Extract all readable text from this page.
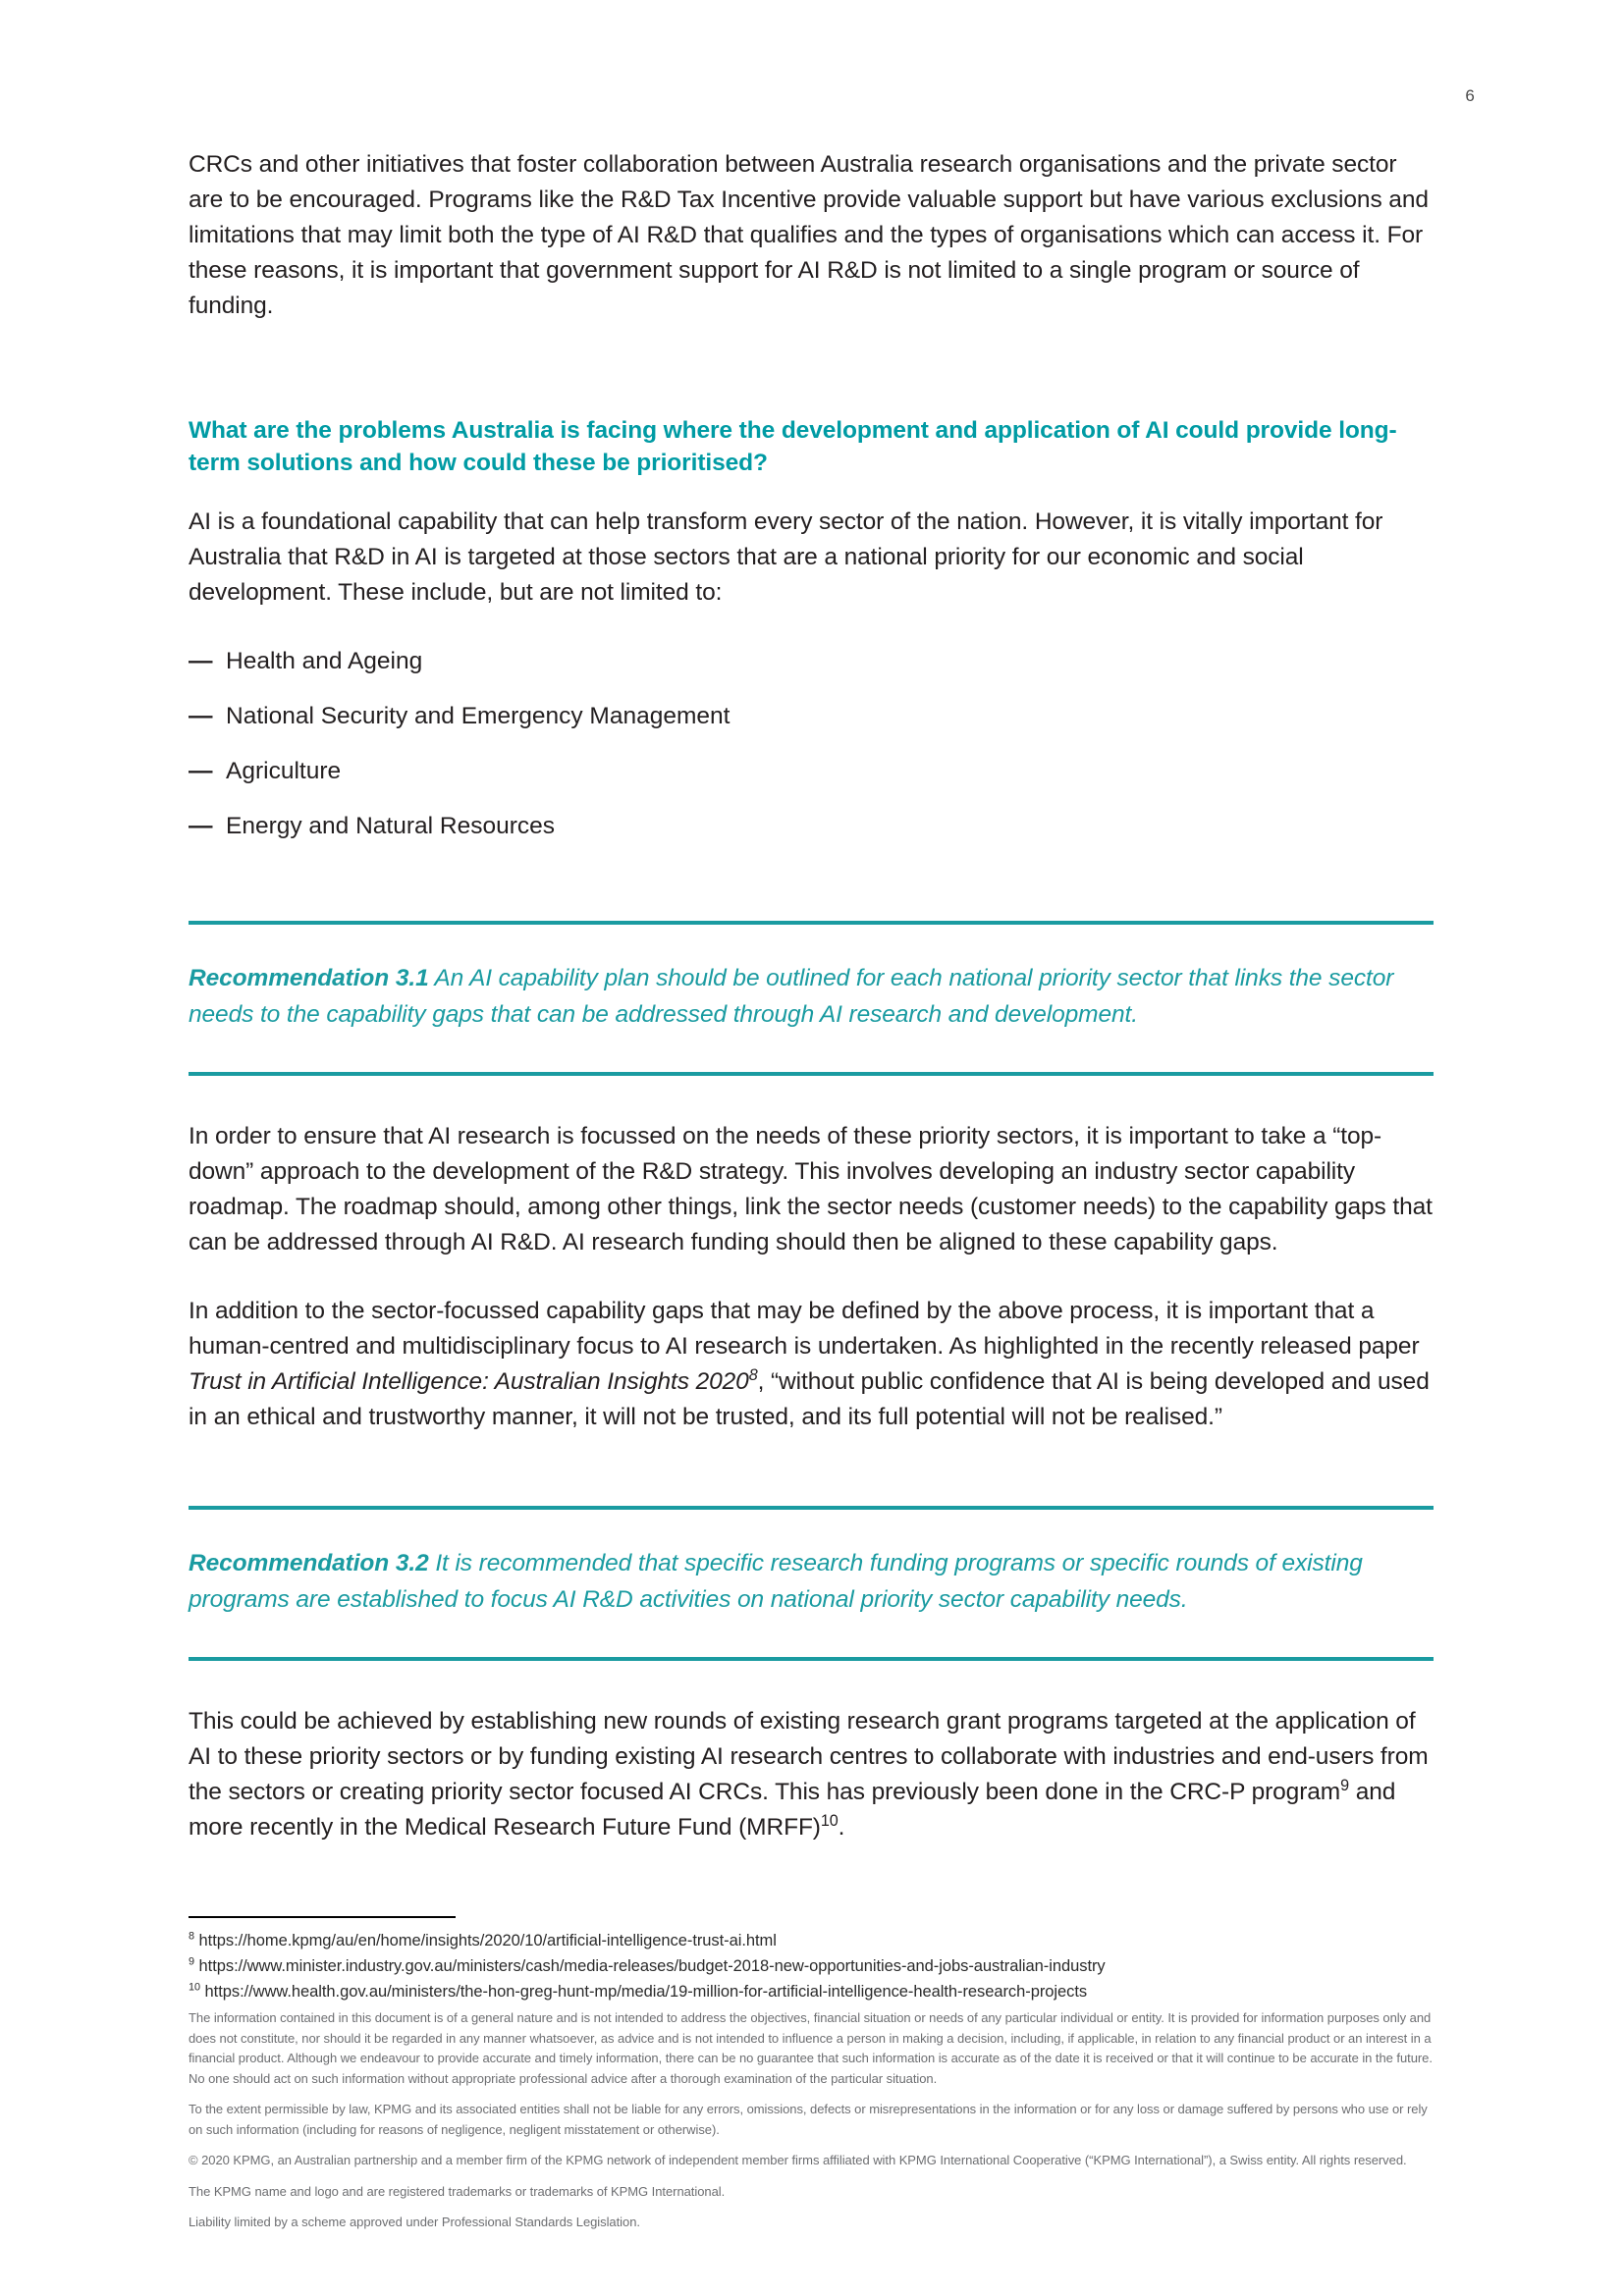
6

CRCs and other initiatives that foster collaboration between Australia research organisations and the private sector are to be encouraged. Programs like the R&D Tax Incentive provide valuable support but have various exclusions and limitations that may limit both the type of AI R&D that qualifies and the types of organisations which can access it. For these reasons, it is important that government support for AI R&D is not limited to a single program or source of funding.

What are the problems Australia is facing where the development and application of AI could provide long-term solutions and how could these be prioritised?

AI is a foundational capability that can help transform every sector of the nation. However, it is vitally important for Australia that R&D in AI is targeted at those sectors that are a national priority for our economic and social development. These include, but are not limited to:

— Health and Ageing
— National Security and Emergency Management
— Agriculture
— Energy and Natural Resources
Recommendation 3.1 An AI capability plan should be outlined for each national priority sector that links the sector needs to the capability gaps that can be addressed through AI research and development.

In order to ensure that AI research is focussed on the needs of these priority sectors, it is important to take a “top-down” approach to the development of the R&D strategy. This involves developing an industry sector capability roadmap. The roadmap should, among other things, link the sector needs (customer needs) to the capability gaps that can be addressed through AI R&D. AI research funding should then be aligned to these capability gaps.

In addition to the sector-focussed capability gaps that may be defined by the above process, it is important that a human-centred and multidisciplinary focus to AI research is undertaken. As highlighted in the recently released paper Trust in Artificial Intelligence: Australian Insights 2020$^8$, “without public confidence that AI is being developed and used in an ethical and trustworthy manner, it will not be trusted, and its full potential will not be realised.”

Recommendation 3.2 It is recommended that specific research funding programs or specific rounds of existing programs are established to focus AI R&D activities on national priority sector capability needs.

This could be achieved by establishing new rounds of existing research grant programs targeted at the application of AI to these priority sectors or by funding existing AI research centres to collaborate with industries and end-users from the sectors or creating priority sector focused AI CRCs. This has previously been done in the CRC-P program$^9$ and more recently in the Medical Research Future Fund (MRFF)$^{10}$.

$^8$ https://home.kpmg/au/en/home/insights/2020/10/artificial-intelligence-trust-ai.html
$^9$ https://www.minister.industry.gov.au/ministers/cash/media-releases/budget-2018-new-opportunities-and-jobs-australian-industry
$^{10}$ https://www.health.gov.au/ministers/the-hon-greg-hunt-mp/media/19-million-for-artificial-intelligence-health-research-projects

The information contained in this document is of a general nature and is not intended to address the objectives, financial situation or needs of any particular individual or entity. It is provided for information purposes only and does not constitute, nor should it be regarded in any manner whatsoever, as advice and is not intended to influence a person in making a decision, including, if applicable, in relation to any financial product or an interest in a financial product. Although we endeavour to provide accurate and timely information, there can be no guarantee that such information is accurate as of the date it is received or that it will continue to be accurate in the future. No one should act on such information without appropriate professional advice after a thorough examination of the particular situation.

To the extent permissible by law, KPMG and its associated entities shall not be liable for any errors, omissions, defects or misrepresentations in the information or for any loss or damage suffered by persons who use or rely on such information (including for reasons of negligence, negligent misstatement or otherwise).

© 2020 KPMG, an Australian partnership and a member firm of the KPMG network of independent member firms affiliated with KPMG International Cooperative (“KPMG International”), a Swiss entity. All rights reserved.

The KPMG name and logo and are registered trademarks or trademarks of KPMG International.

Liability limited by a scheme approved under Professional Standards Legislation.
